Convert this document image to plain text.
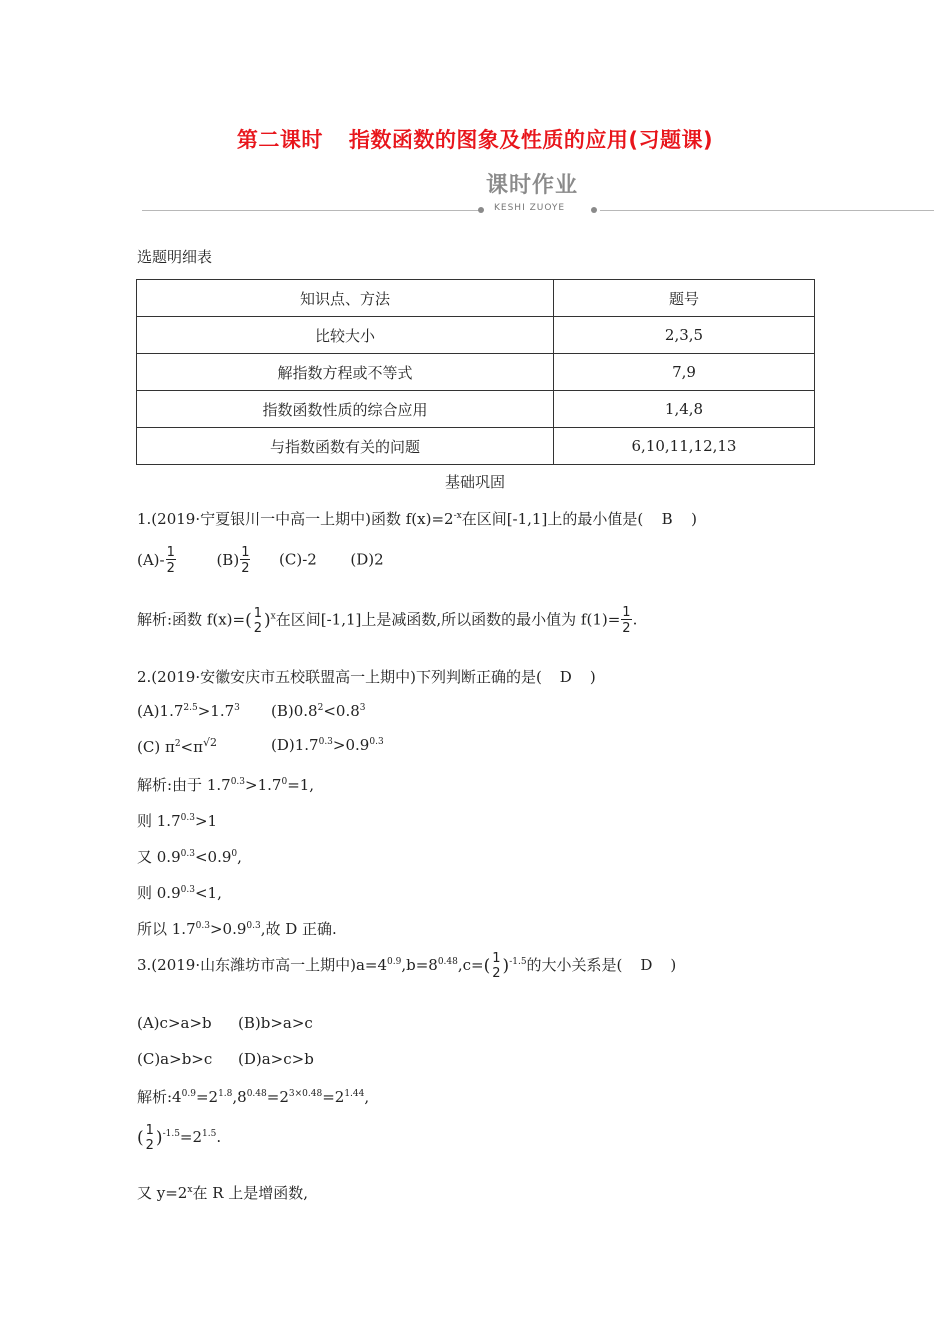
第二课时 指数函数的图象及性质的应用(习题课)
课时作业
KESHI ZUOYE
选题明细表
知识点、方法	题号
比较大小	2,3,5
解指数方程或不等式	7,9
指数函数性质的综合应用	1,4,8
与指数函数有关的问题	6,10,11,12,13
基础巩固
1.(2019·宁夏银川一中高一上期中)函数 $f(x)=2^{-x}$在区间[-1,1]上的最小值是( B )
$(A)- \frac{1}{2}$	$(B) \frac{1}{2} (C)-2$ (D)2
解析:函数 f(x)=( 1
2 )$^x$在区间[-1,1]上是减函数,所以函数的最小值为 $f(1)= \frac{1}{2}$ .
2.(2019·安徽安庆市五校联盟高一上期中)下列判断正确的是( D )
$(A)1.7^{2.5}>1.7^3$ $(B)0.8^2<0.8^3$
(C) $\pi^2<\pi^{√2}$	$(D)1.7^{0.3}>0.9^{0.3}$
解析:由于 $1.7^{0.3}>1.7^0=1$,
则 $1.7^{0.3}>1$
又 $0.9^{0.3}<0.9^0$,
则 $0.9^{0.3}<1$,
所以 $1.7^{0.3}>0.9^{0.3}$,故 D 正确.
3.(2019·山东潍坊市高一上期中)$a=4^{0.9},b=8^{0.48},c=$( 1
2 )$^{-1.5}$的大小关系是( D )
(A)c>a>b (B)b>a>c
(C)a>b>c (D)a>c>b
解析$:4^{0.9}=2^{1.8},8^{0.48}=2^{3\times 0.48}=2^{1.44}$,
( 1
2 )$^{-1.5}=2^{1.5}$.
又 $y=2^x$在 R 上是增函数,
